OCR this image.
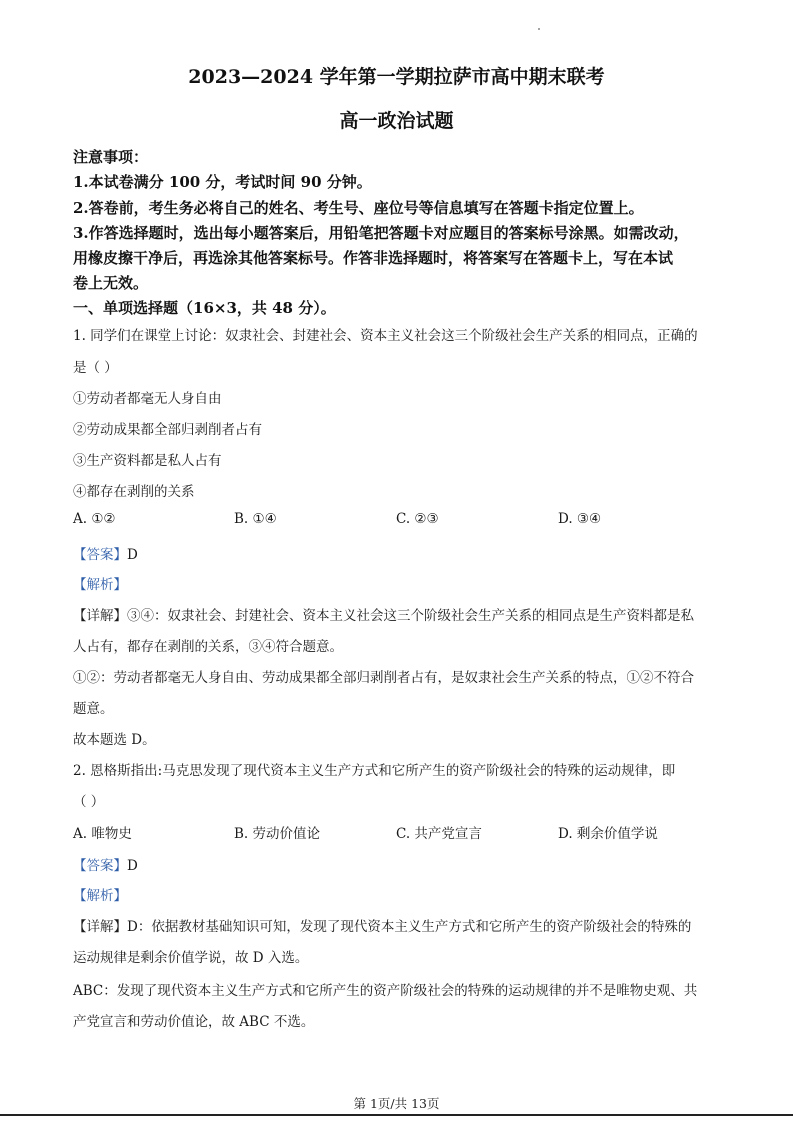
2023—2024 学年第一学期拉萨市高中期末联考
高一政治试题
注意事项：
1.本试卷满分 100 分，考试时间 90 分钟。
2.答卷前，考生务必将自己的姓名、考生号、座位号等信息填写在答题卡指定位置上。
3.作答选择题时，选出每小题答案后，用铅笔把答题卡对应题目的答案标号涂黑。如需改动，
用橡皮擦干净后，再选涂其他答案标号。作答非选择题时，将答案写在答题卡上，写在本试
卷上无效。
一、单项选择题（16×3，共 48 分）。
1. 同学们在课堂上讨论：奴隶社会、封建社会、资本主义社会这三个阶级社会生产关系的相同点，正确的
是（ ）
①劳动者都毫无人身自由
②劳动成果都全部归剥削者占有
③生产资料都是私人占有
④都存在剥削的关系
A. ①②	B. ①④	C. ②③	D. ③④
【答案】D
【解析】
【详解】③④：奴隶社会、封建社会、资本主义社会这三个阶级社会生产关系的相同点是生产资料都是私
人占有，都存在剥削的关系，③④符合题意。
①②：劳动者都毫无人身自由、劳动成果都全部归剥削者占有，是奴隶社会生产关系的特点，①②不符合
题意。
故本题选 D。
2. 恩格斯指出:马克思发现了现代资本主义生产方式和它所产生的资产阶级社会的特殊的运动规律，即
（ ）
A. 唯物史	B. 劳动价值论	C. 共产党宣言	D. 剩余价值学说
【答案】D
【解析】
【详解】D：依据教材基础知识可知，发现了现代资本主义生产方式和它所产生的资产阶级社会的特殊的
运动规律是剩余价值学说，故 D 入选。
ABC：发现了现代资本主义生产方式和它所产生的资产阶级社会的特殊的运动规律的并不是唯物史观、共
产党宣言和劳动价值论，故 ABC 不选。
第 1页/共 13页
